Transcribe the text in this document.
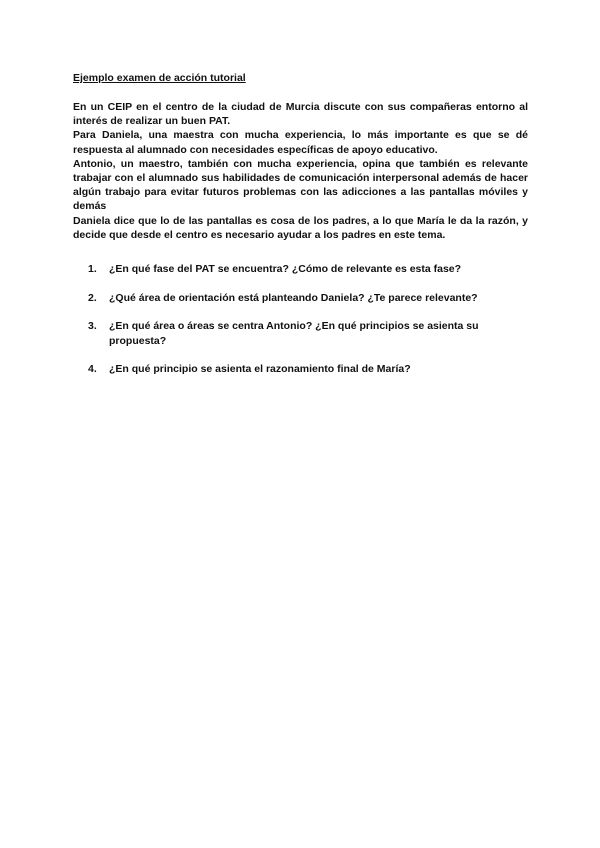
Ejemplo examen de acción tutorial

En un CEIP en el centro de la ciudad de Murcia discute con sus compañeras entorno al interés de realizar un buen PAT.

Para Daniela, una maestra con mucha experiencia, lo más importante es que se dé respuesta al alumnado con necesidades específicas de apoyo educativo.

Antonio, un maestro, también con mucha experiencia, opina que también es relevante trabajar con el alumnado sus habilidades de comunicación interpersonal además de hacer algún trabajo para evitar futuros problemas con las adicciones a las pantallas móviles y demás

Daniela dice que lo de las pantallas es cosa de los padres, a lo que María le da la razón, y decide que desde el centro es necesario ayudar a los padres en este tema.

1. ¿En qué fase del PAT se encuentra? ¿Cómo de relevante es esta fase?
2. ¿Qué área de orientación está planteando Daniela? ¿Te parece relevante?
3. ¿En qué área o áreas se centra Antonio? ¿En qué principios se asienta su propuesta?
4. ¿En qué principio se asienta el razonamiento final de María?
